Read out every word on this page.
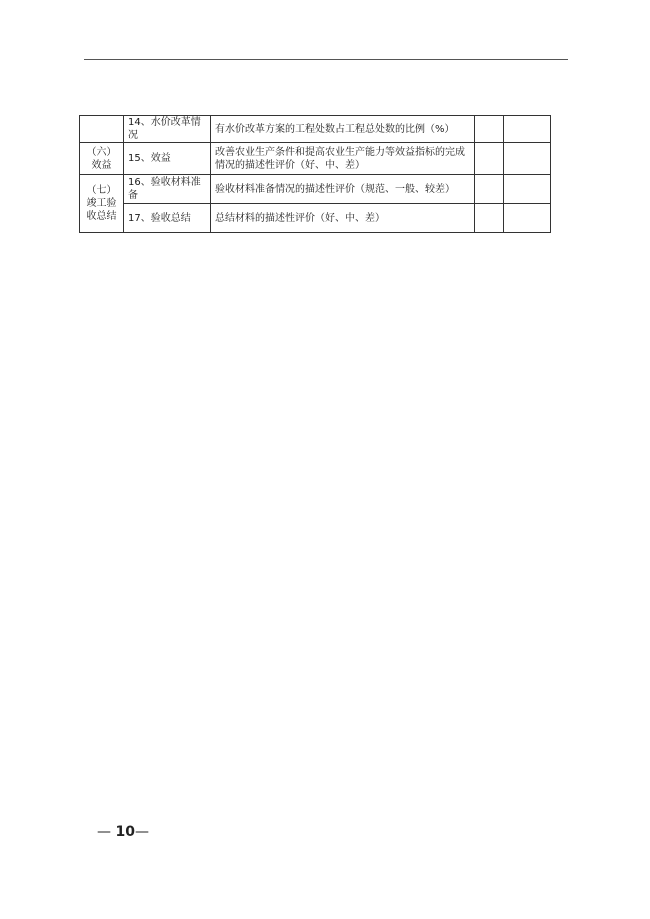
	14、水价改革情况	有水价改革方案的工程处数占工程总处数的比例（%）		
（六）效益	15、效益	改善农业生产条件和提高农业生产能力等效益指标的完成情况的描述性评价（好、中、差）		
（七）竣工验收总结	16、验收材料准备	验收材料准备情况的描述性评价（规范、一般、较差）		
	17、验收总结	总结材料的描述性评价（好、中、差）		
— 10—
